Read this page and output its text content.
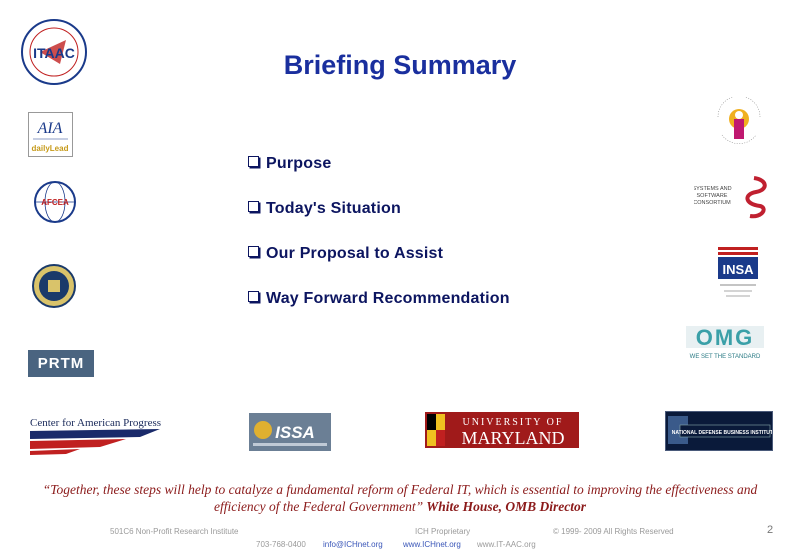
ITAAC	Briefing Summary
AIA
dailyLead
AFCEA
PRTM
Purpose
Today's Situation
Our Proposal to Assist
Way Forward Recommendation
SYSTEMS AND
SOFTWARE
CONSORTIUM
INSA
OMG
WE SET THE STANDARD
Center for American Progress	ISSA
UNIVERSITY OF
MARYLAND	NATIONAL DEFENSE BUSINESS INSTITUTE
“Together, these steps will help to catalyze a fundamental reform of Federal IT, which is essential to improving the effectiveness and efficiency of the Federal Government” White House, OMB Director
501C6 Non-Profit Research Institute	ICH Proprietary	© 1999- 2009 All Rights Reserved	2
703-768-0400 info@ICHnet.org	www.ICHnet.org www.IT-AAC.org
